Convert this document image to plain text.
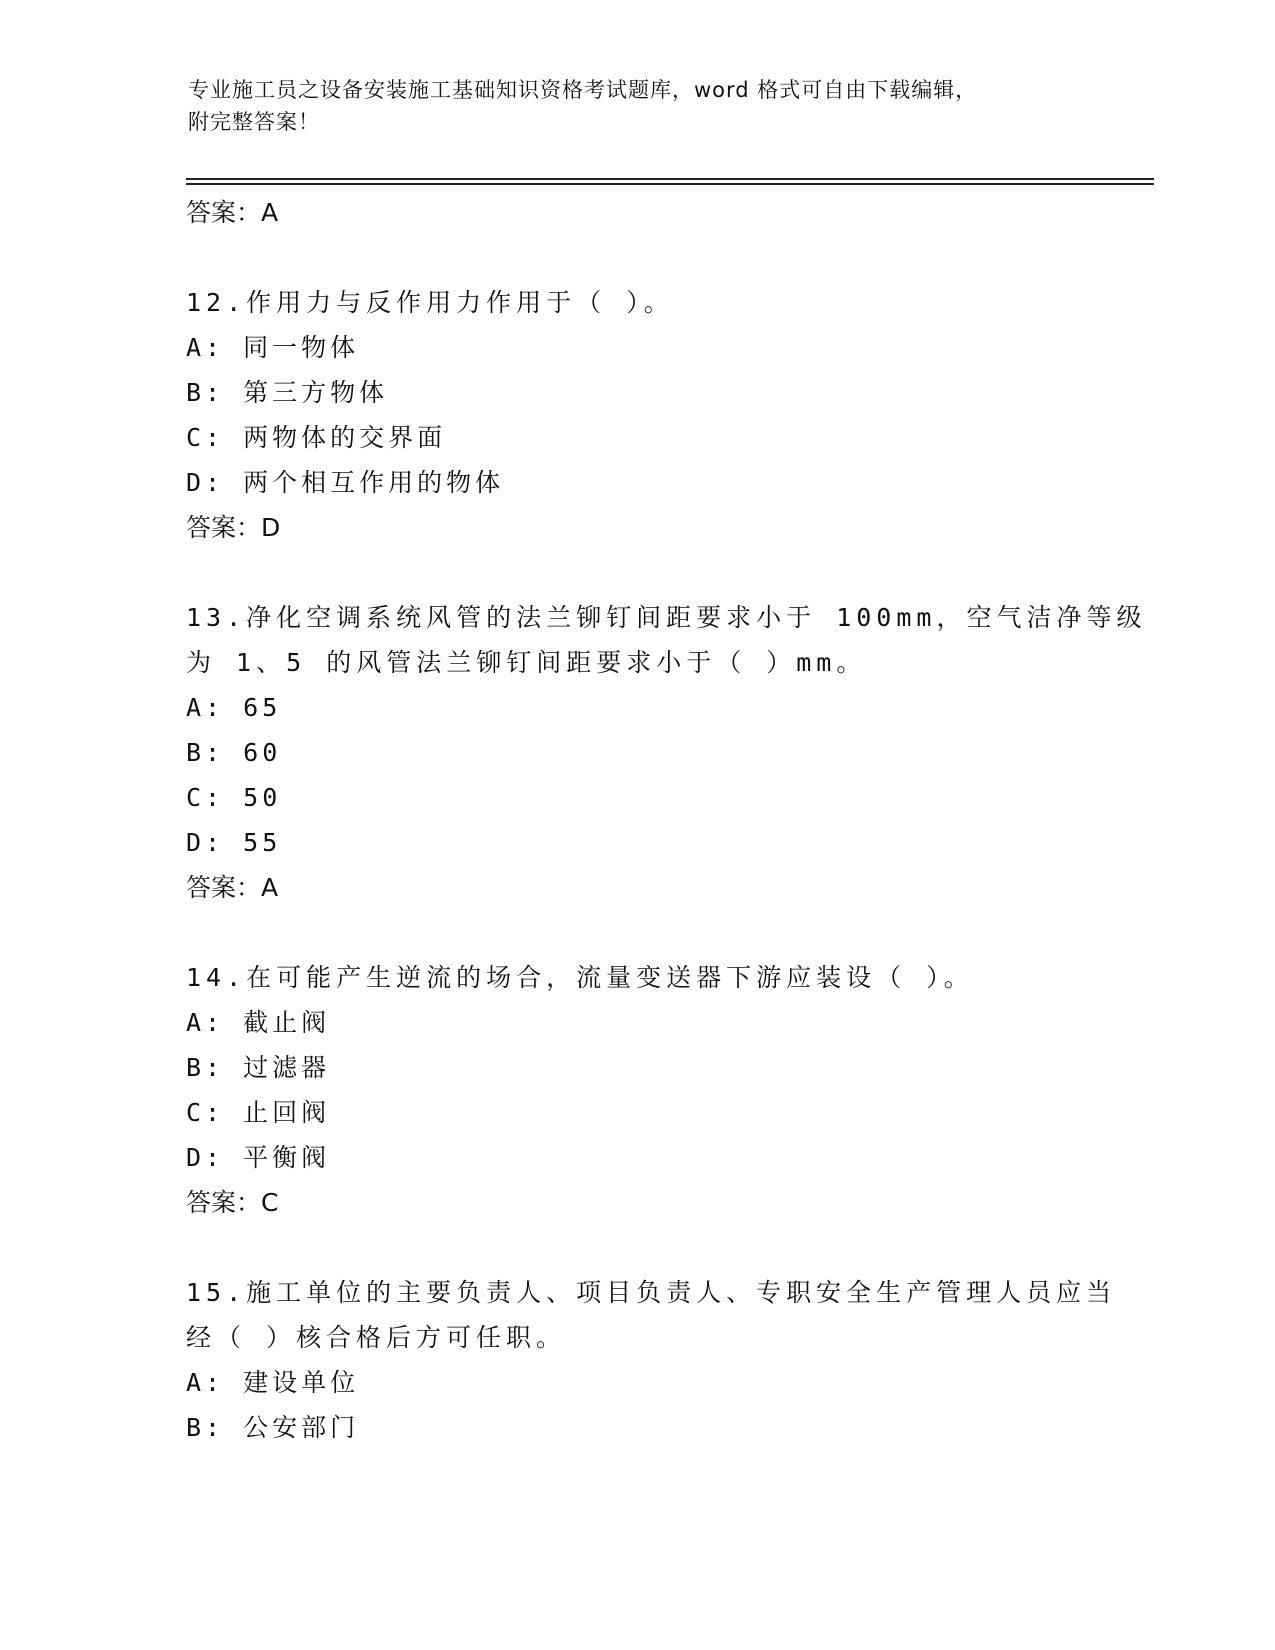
专业施工员之设备安装施工基础知识资格考试题库，word 格式可自由下载编辑，
附完整答案！
答案：A
12.作用力与反作用力作用于（ ）。
A: 同一物体
B: 第三方物体
C: 两物体的交界面
D: 两个相互作用的物体
答案：D
13.净化空调系统风管的法兰铆钉间距要求小于 100mm，空气洁净等级
为 1、5 的风管法兰铆钉间距要求小于（ ）mm。
A: 65
B: 60
C: 50
D: 55
答案：A
14.在可能产生逆流的场合，流量变送器下游应装设（ ）。
A: 截止阀
B: 过滤器
C: 止回阀
D: 平衡阀
答案：C
15.施工单位的主要负责人、项目负责人、专职安全生产管理人员应当
经（ ）核合格后方可任职。
A: 建设单位
B: 公安部门
